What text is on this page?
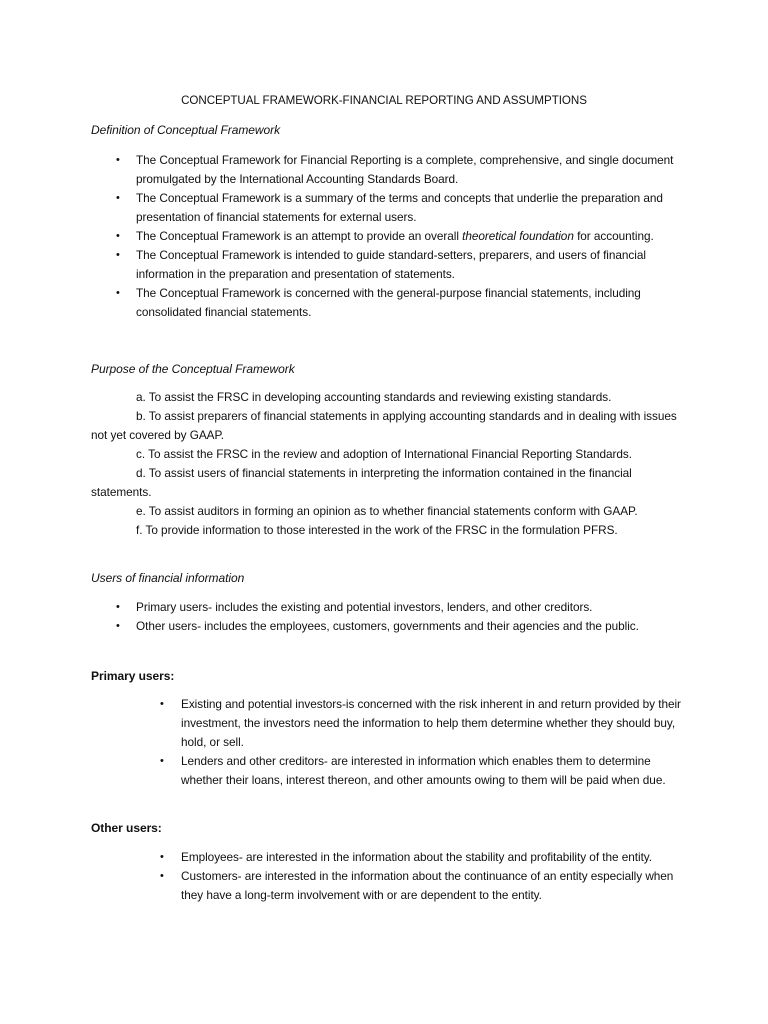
CONCEPTUAL FRAMEWORK-FINANCIAL REPORTING AND ASSUMPTIONS
Definition of Conceptual Framework
• The Conceptual Framework for Financial Reporting is a complete, comprehensive, and single document promulgated by the International Accounting Standards Board.
• The Conceptual Framework is a summary of the terms and concepts that underlie the preparation and presentation of financial statements for external users.
• The Conceptual Framework is an attempt to provide an overall theoretical foundation for accounting.
• The Conceptual Framework is intended to guide standard-setters, preparers, and users of financial information in the preparation and presentation of statements.
• The Conceptual Framework is concerned with the general-purpose financial statements, including consolidated financial statements.
Purpose of the Conceptual Framework

a. To assist the FRSC in developing accounting standards and reviewing existing standards.

b. To assist preparers of financial statements in applying accounting standards and in dealing with issues not yet covered by GAAP.

c. To assist the FRSC in the review and adoption of International Financial Reporting Standards.

d. To assist users of financial statements in interpreting the information contained in the financial statements.

e. To assist auditors in forming an opinion as to whether financial statements conform with GAAP.

f. To provide information to those interested in the work of the FRSC in the formulation PFRS.

Users of financial information
• Primary users- includes the existing and potential investors, lenders, and other creditors.
• Other users- includes the employees, customers, governments and their agencies and the public.
Primary users:
• Existing and potential investors-is concerned with the risk inherent in and return provided by their investment, the investors need the information to help them determine whether they should buy, hold, or sell.
• Lenders and other creditors- are interested in information which enables them to determine whether their loans, interest thereon, and other amounts owing to them will be paid when due.
Other users:
• Employees- are interested in the information about the stability and profitability of the entity.
• Customers- are interested in the information about the continuance of an entity especially when they have a long-term involvement with or are dependent to the entity.
